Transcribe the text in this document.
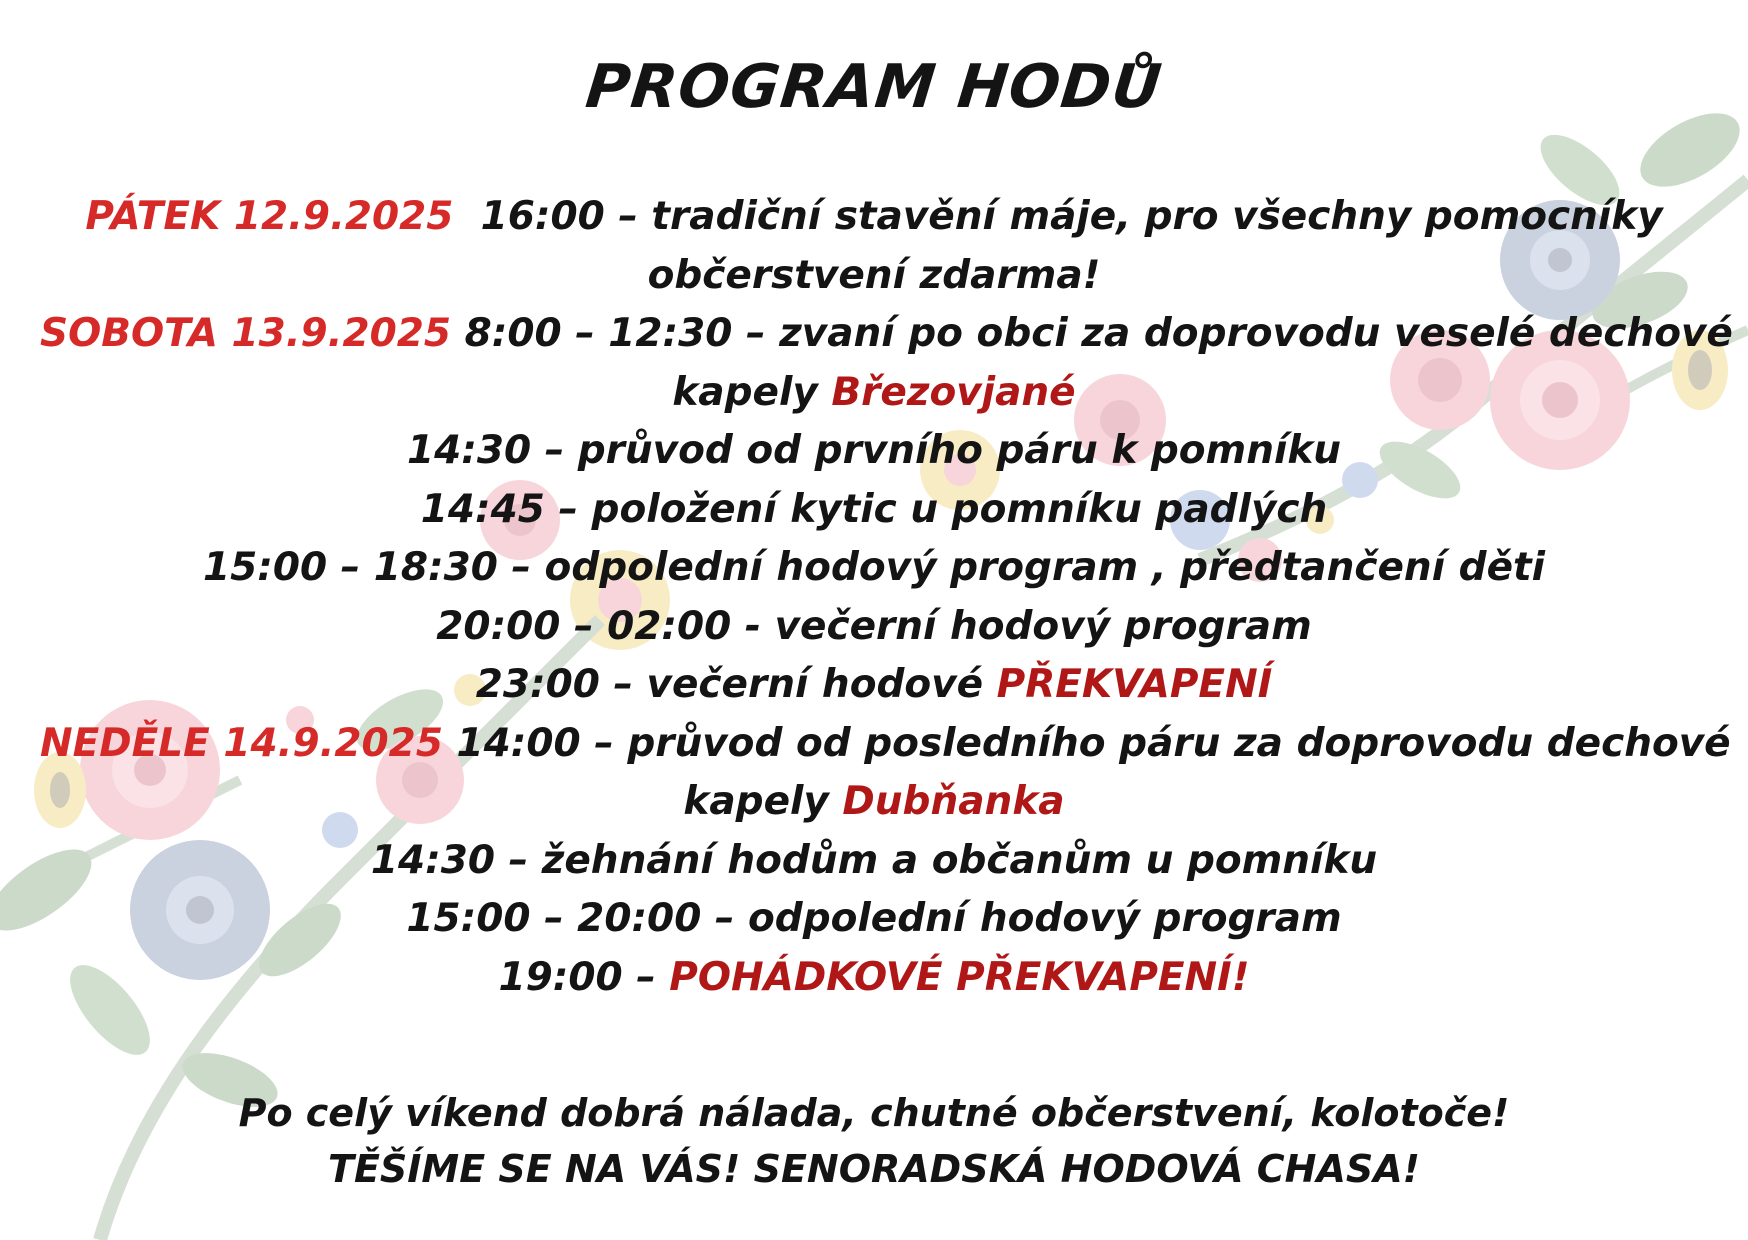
PROGRAM HODŮ
PÁTEK 12.9.2025 16:00 – tradiční stavění máje, pro všechny pomocníky
občerstvení zdarma!
SOBOTA 13.9.2025 8:00 – 12:30 – zvaní po obci za doprovodu veselé dechové
kapely Březovjané
14:30 – průvod od prvního páru k pomníku
14:45 – položení kytic u pomníku padlých
15:00 – 18:30 – odpolední hodový program , předtančení děti
20:00 – 02:00 - večerní hodový program
23:00 – večerní hodové PŘEKVAPENÍ
NEDĚLE 14.9.2025 14:00 – průvod od posledního páru za doprovodu dechové
kapely Dubňanka
14:30 – žehnání hodům a občanům u pomníku
15:00 – 20:00 – odpolední hodový program
19:00 – POHÁDKOVÉ PŘEKVAPENÍ!
Po celý víkend dobrá nálada, chutné občerstvení, kolotoče!
TĚŠÍME SE NA VÁS! SENORADSKÁ HODOVÁ CHASA!
